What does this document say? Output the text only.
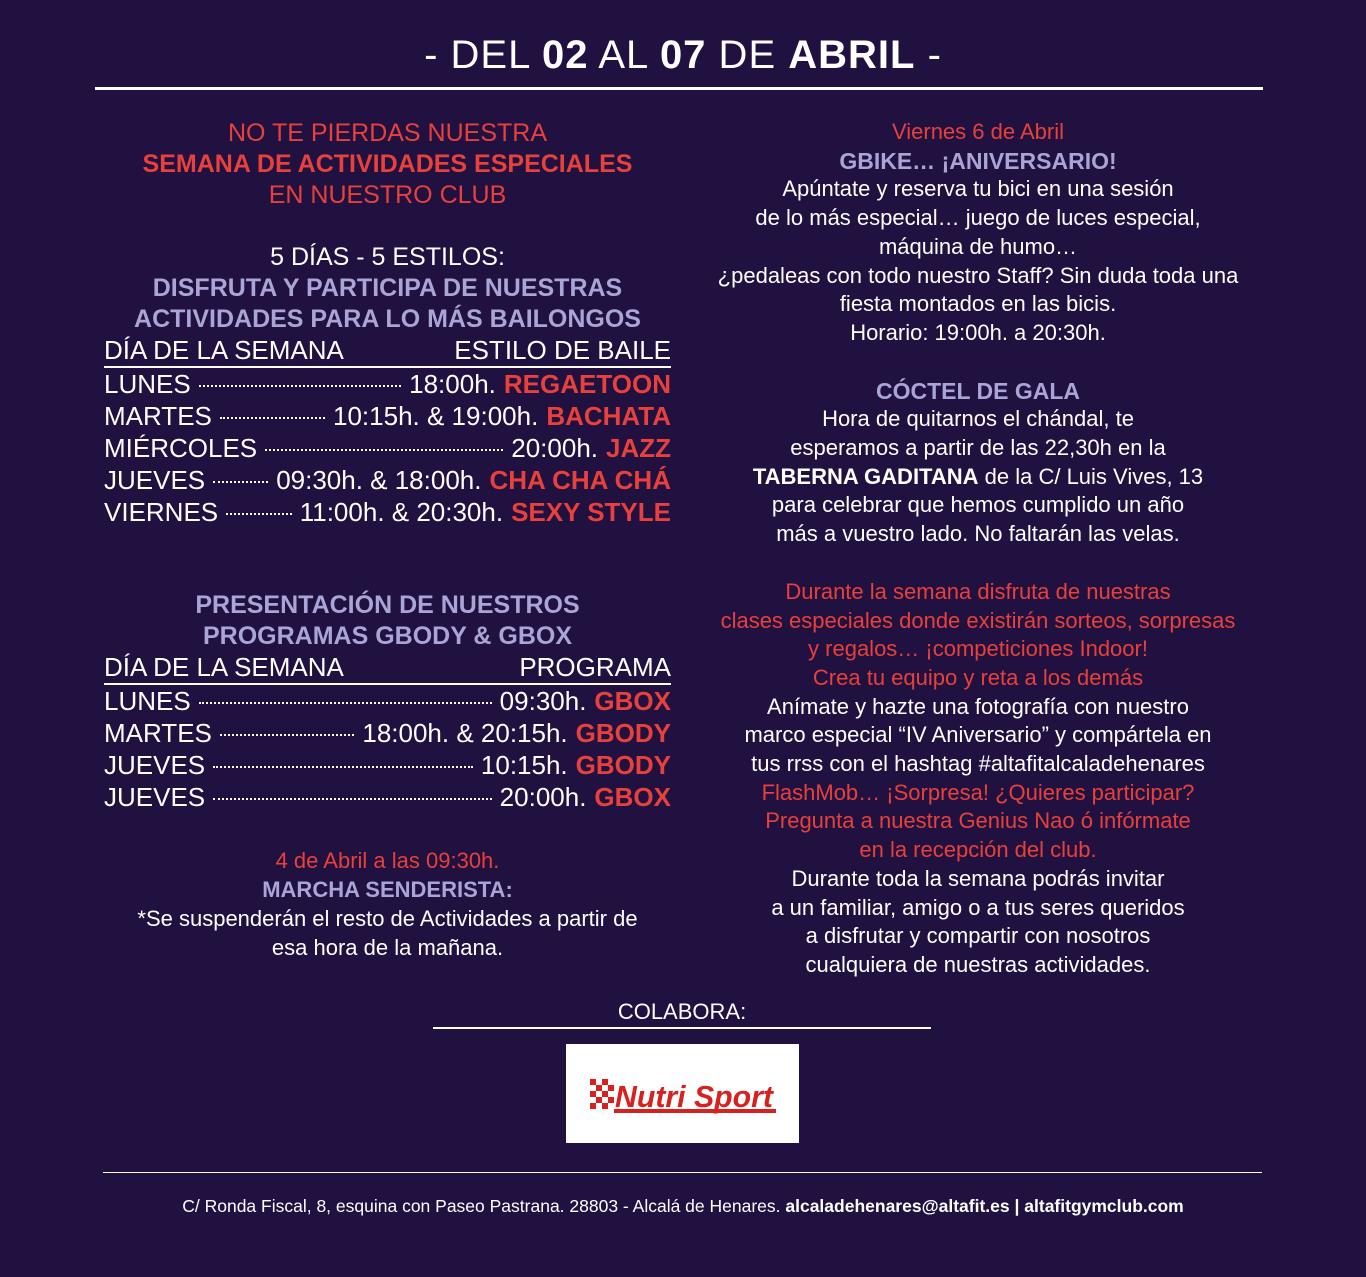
- DEL 02 AL 07 DE ABRIL -
NO TE PIERDAS NUESTRA
SEMANA DE ACTIVIDADES ESPECIALES
EN NUESTRO CLUB
5 DÍAS - 5 ESTILOS:
DISFRUTA Y PARTICIPA DE NUESTRAS
ACTIVIDADES PARA LO MÁS BAILONGOS
DÍA DE LA SEMANA	ESTILO DE BAILE
LUNES	18:00h. REGAETOON
MARTES	10:15h. & 19:00h. BACHATA
MIÉRCOLES	20:00h. JAZZ
JUEVES	09:30h. & 18:00h. CHA CHA CHÁ
VIERNES	11:00h. & 20:30h. SEXY STYLE
PRESENTACIÓN DE NUESTROS
PROGRAMAS GBODY & GBOX
DÍA DE LA SEMANA	PROGRAMA
LUNES	09:30h. GBOX
MARTES	18:00h. & 20:15h. GBODY
JUEVES	10:15h. GBODY
JUEVES	20:00h. GBOX
4 de Abril a las 09:30h.
MARCHA SENDERISTA:
*Se suspenderán el resto de Actividades a partir de
esa hora de la mañana.
Viernes 6 de Abril
GBIKE… ¡ANIVERSARIO!
Apúntate y reserva tu bici en una sesión
de lo más especial… juego de luces especial,
máquina de humo…
¿pedaleas con todo nuestro Staff? Sin duda toda una
fiesta montados en las bicis.
Horario: 19:00h. a 20:30h.
CÓCTEL DE GALA
Hora de quitarnos el chándal, te
esperamos a partir de las 22,30h en la
TABERNA GADITANA de la C/ Luis Vives, 13
para celebrar que hemos cumplido un año
más a vuestro lado. No faltarán las velas.
Durante la semana disfruta de nuestras
clases especiales donde existirán sorteos, sorpresas
y regalos… ¡competiciones Indoor!
Crea tu equipo y reta a los demás
Anímate y hazte una fotografía con nuestro
marco especial “IV Aniversario” y compártela en
tus rrss con el hashtag #altafitalcaladehenares
FlashMob… ¡Sorpresa! ¿Quieres participar?
Pregunta a nuestra Genius Nao ó infórmate
en la recepción del club.
Durante toda la semana podrás invitar
a un familiar, amigo o a tus seres queridos
a disfrutar y compartir con nosotros
cualquiera de nuestras actividades.
COLABORA:
Nutri Sport
C/ Ronda Fiscal, 8, esquina con Paseo Pastrana. 28803 - Alcalá de Henares. alcaladehenares@altafit.es | altafitgymclub.com
